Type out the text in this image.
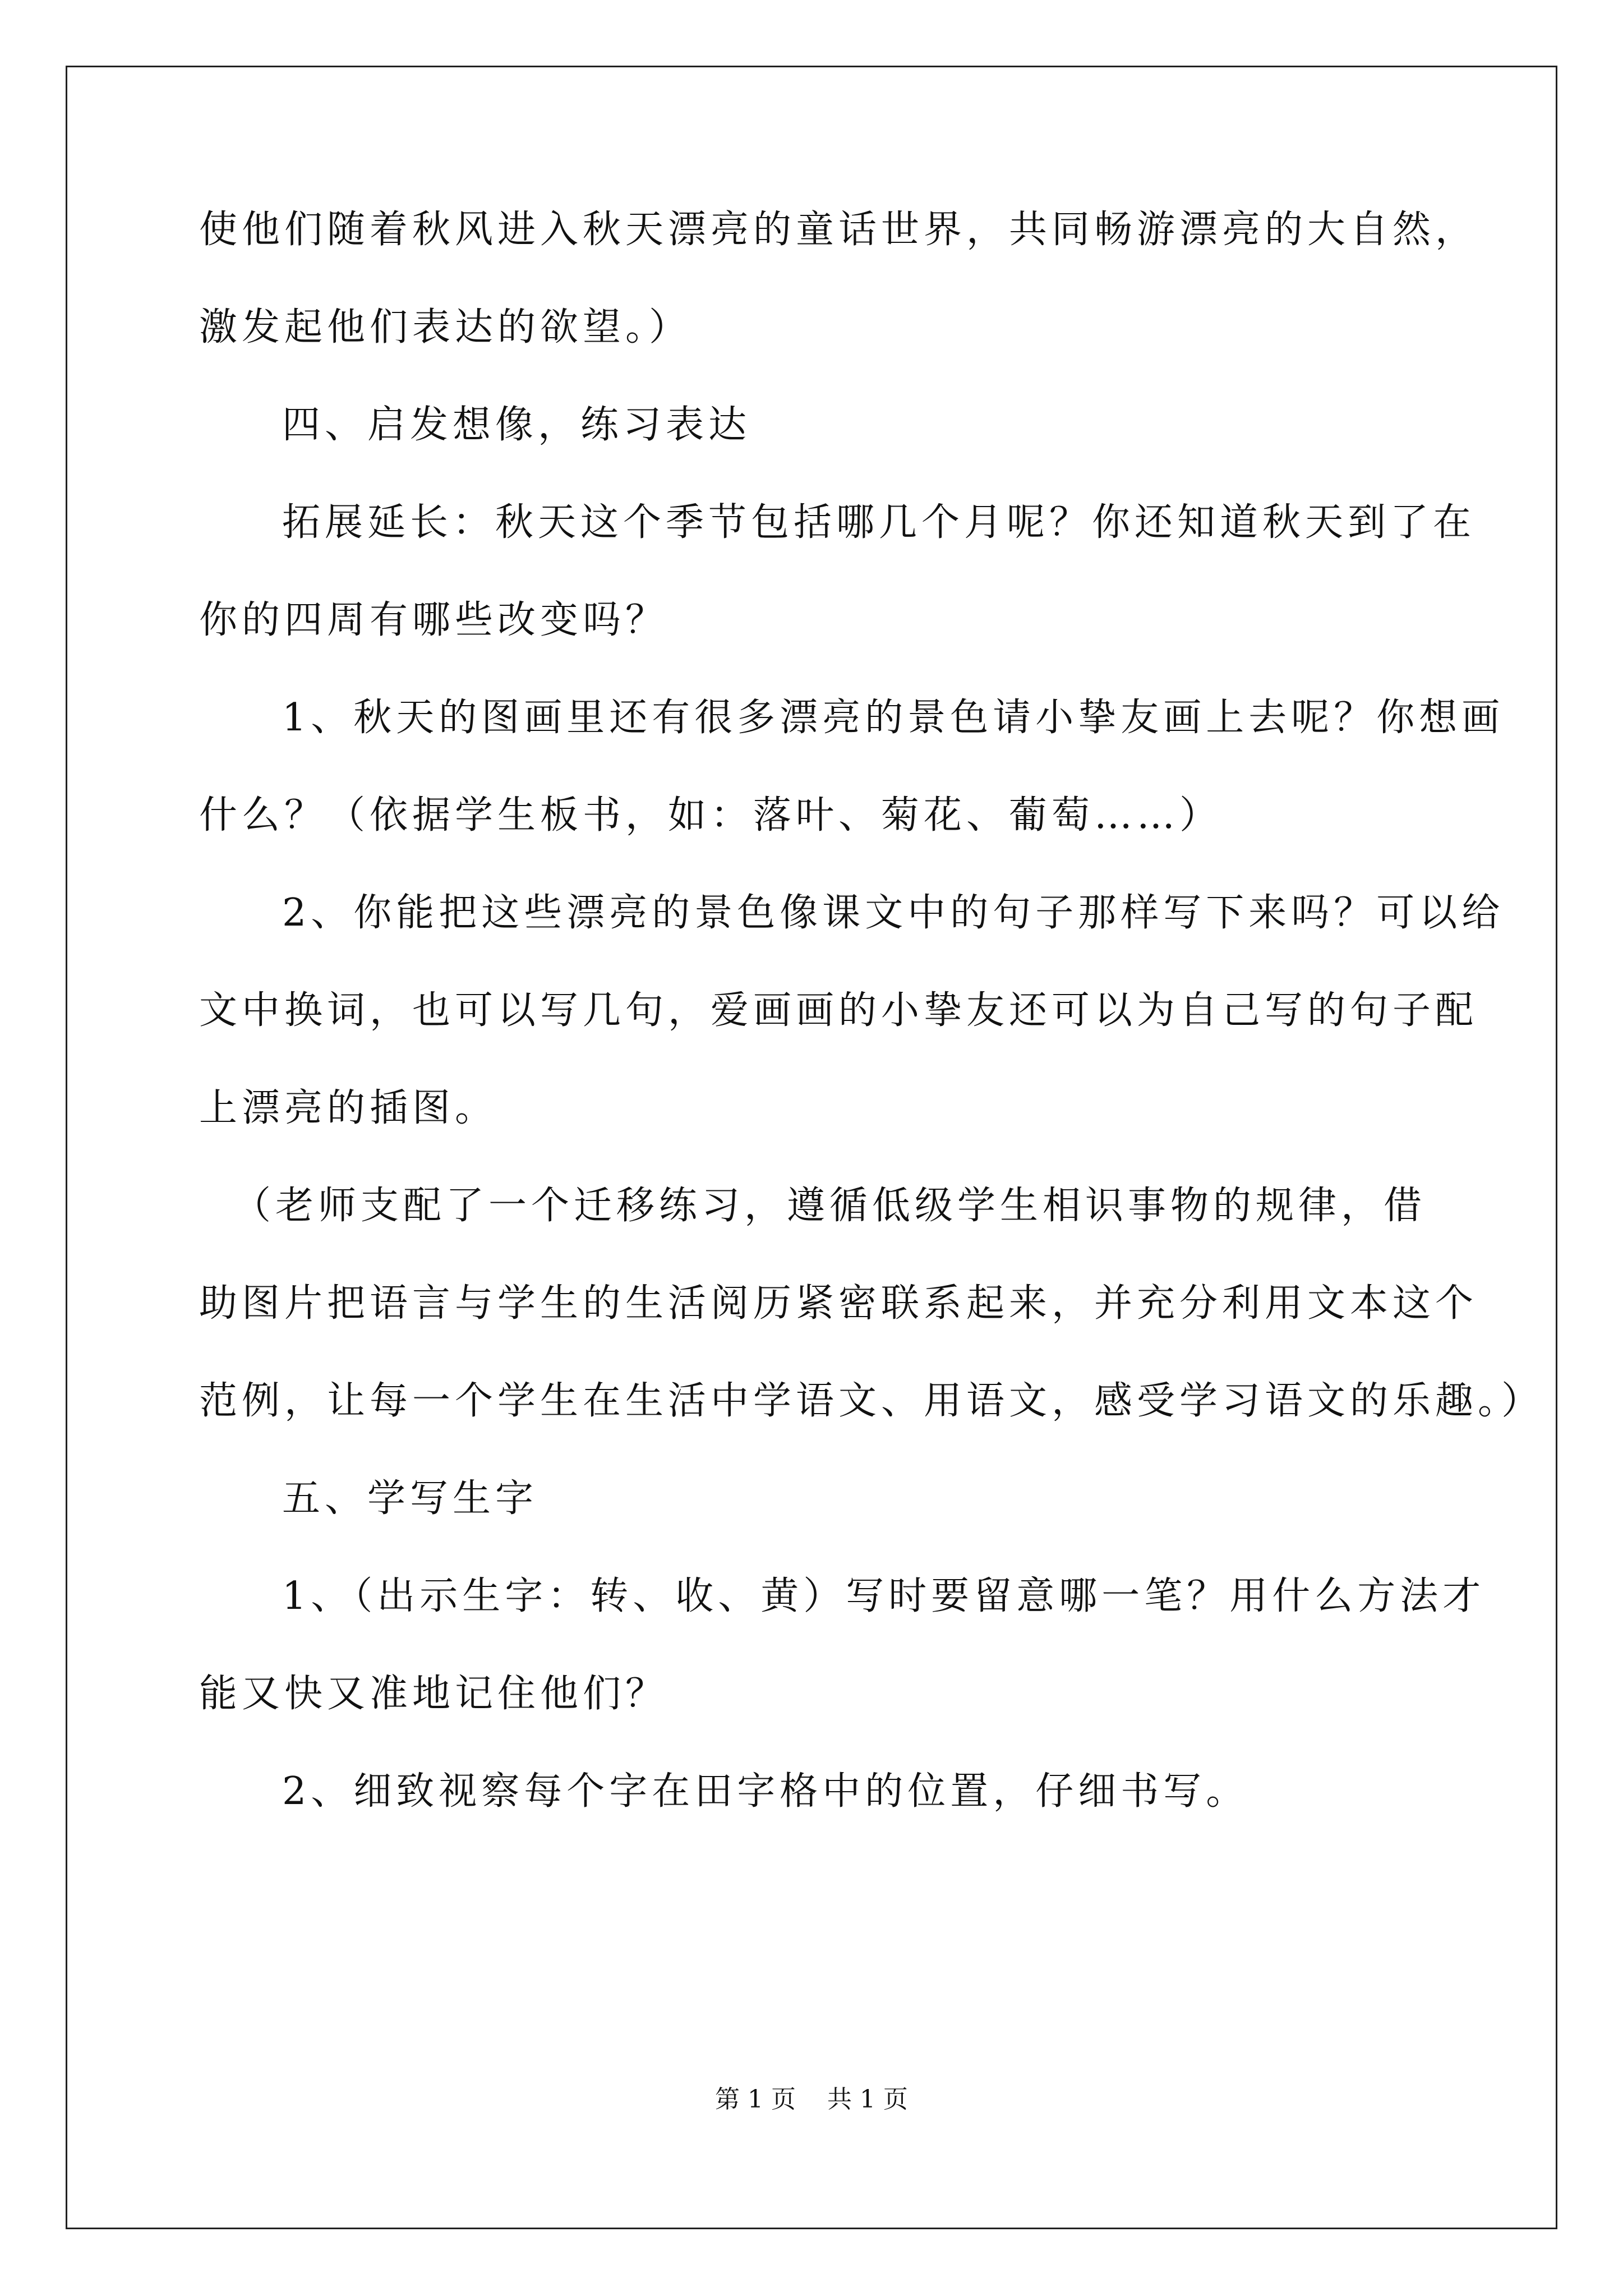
使他们随着秋风进入秋天漂亮的童话世界，共同畅游漂亮的大自然，
激发起他们表达的欲望。）
四、启发想像，练习表达
拓展延长：秋天这个季节包括哪几个月呢？你还知道秋天到了在
你的四周有哪些改变吗？
1、秋天的图画里还有很多漂亮的景色请小挚友画上去呢？你想画
什么？（依据学生板书，如：落叶、菊花、葡萄……）
2、你能把这些漂亮的景色像课文中的句子那样写下来吗？可以给
文中换词，也可以写几句，爱画画的小挚友还可以为自己写的句子配
上漂亮的插图。
（老师支配了一个迁移练习，遵循低级学生相识事物的规律，借
助图片把语言与学生的生活阅历紧密联系起来，并充分利用文本这个
范例，让每一个学生在生活中学语文、用语文，感受学习语文的乐趣。）
五、学写生字
1、（出示生字：转、收、黄）写时要留意哪一笔？用什么方法才
能又快又准地记住他们？
2、细致视察每个字在田字格中的位置，仔细书写。
第 1 页    共 1 页
